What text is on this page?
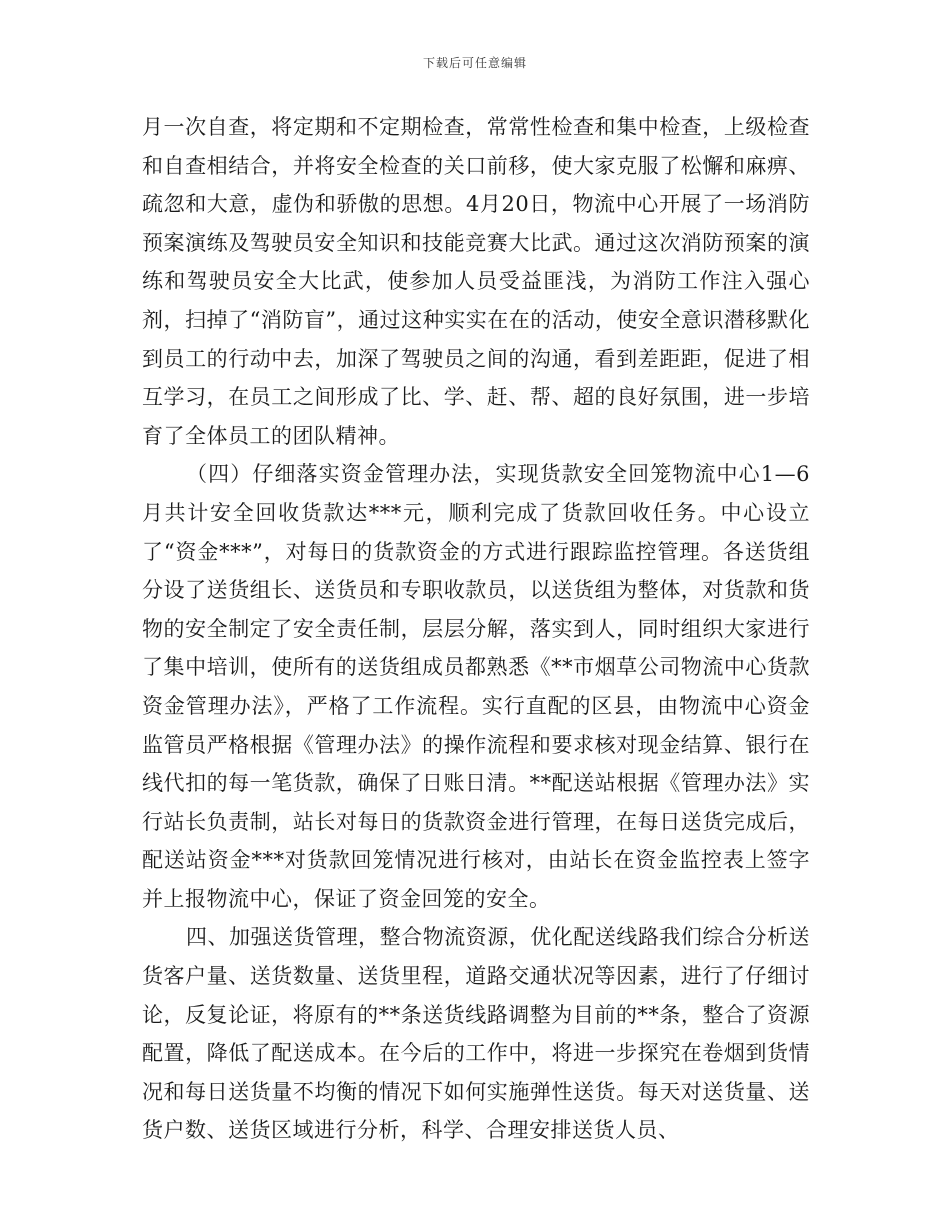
下载后可任意编辑

月一次自查，将定期和不定期检查，常常性检查和集中检查，上级检查和自查相结合，并将安全检查的关口前移，使大家克服了松懈和麻痹、疏忽和大意，虚伪和骄傲的思想。4月20日，物流中心开展了一场消防预案演练及驾驶员安全知识和技能竞赛大比武。通过这次消防预案的演练和驾驶员安全大比武，使参加人员受益匪浅，为消防工作注入强心剂，扫掉了“消防盲”，通过这种实实在在的活动，使安全意识潜移默化到员工的行动中去，加深了驾驶员之间的沟通，看到差距距，促进了相互学习，在员工之间形成了比、学、赶、帮、超的良好氛围，进一步培育了全体员工的团队精神。

（四）仔细落实资金管理办法，实现货款安全回笼物流中心1—6月共计安全回收货款达***元，顺利完成了货款回收任务。中心设立了“资金***”，对每日的货款资金的方式进行跟踪监控管理。各送货组分设了送货组长、送货员和专职收款员，以送货组为整体，对货款和货物的安全制定了安全责任制，层层分解，落实到人，同时组织大家进行了集中培训，使所有的送货组成员都熟悉《**市烟草公司物流中心货款资金管理办法》，严格了工作流程。实行直配的区县，由物流中心资金监管员严格根据《管理办法》的操作流程和要求核对现金结算、银行在线代扣的每一笔货款，确保了日账日清。**配送站根据《管理办法》实行站长负责制，站长对每日的货款资金进行管理，在每日送货完成后，配送站资金***对货款回笼情况进行核对，由站长在资金监控表上签字并上报物流中心，保证了资金回笼的安全。

四、加强送货管理，整合物流资源，优化配送线路我们综合分析送货客户量、送货数量、送货里程，道路交通状况等因素，进行了仔细讨论，反复论证，将原有的**条送货线路调整为目前的**条，整合了资源配置，降低了配送成本。在今后的工作中，将进一步探究在卷烟到货情况和每日送货量不均衡的情况下如何实施弹性送货。每天对送货量、送货户数、送货区域进行分析，科学、合理安排送货人员、
